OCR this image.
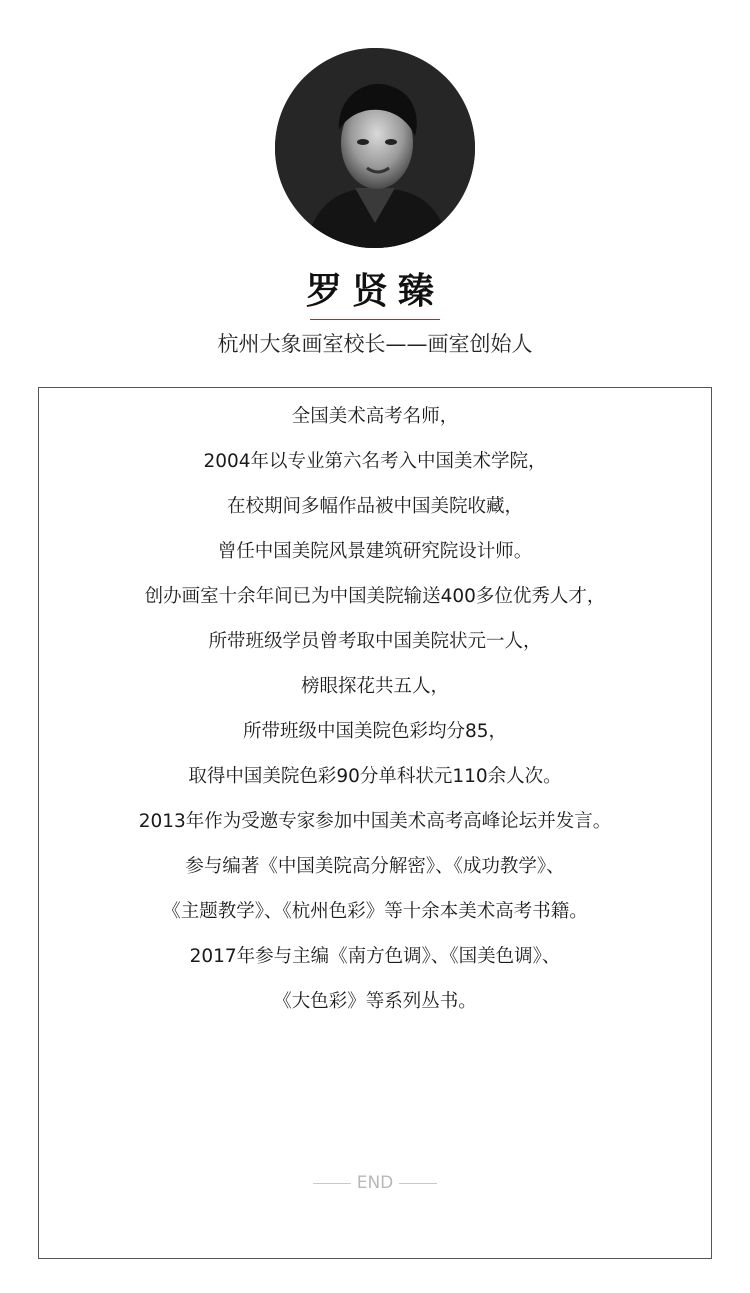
罗贤臻
杭州大象画室校长——画室创始人
全国美术高考名师，
2004年以专业第六名考入中国美术学院，
在校期间多幅作品被中国美院收藏，
曾任中国美院风景建筑研究院设计师。
创办画室十余年间已为中国美院输送400多位优秀人才，
所带班级学员曾考取中国美院状元一人，
榜眼探花共五人，
所带班级中国美院色彩均分85，
取得中国美院色彩90分单科状元110余人次。
2013年作为受邀专家参加中国美术高考高峰论坛并发言。
参与编著《中国美院高分解密》、《成功教学》、
《主题教学》、《杭州色彩》等十余本美术高考书籍。
2017年参与主编《南方色调》、《国美色调》、
《大色彩》等系列丛书。
END
